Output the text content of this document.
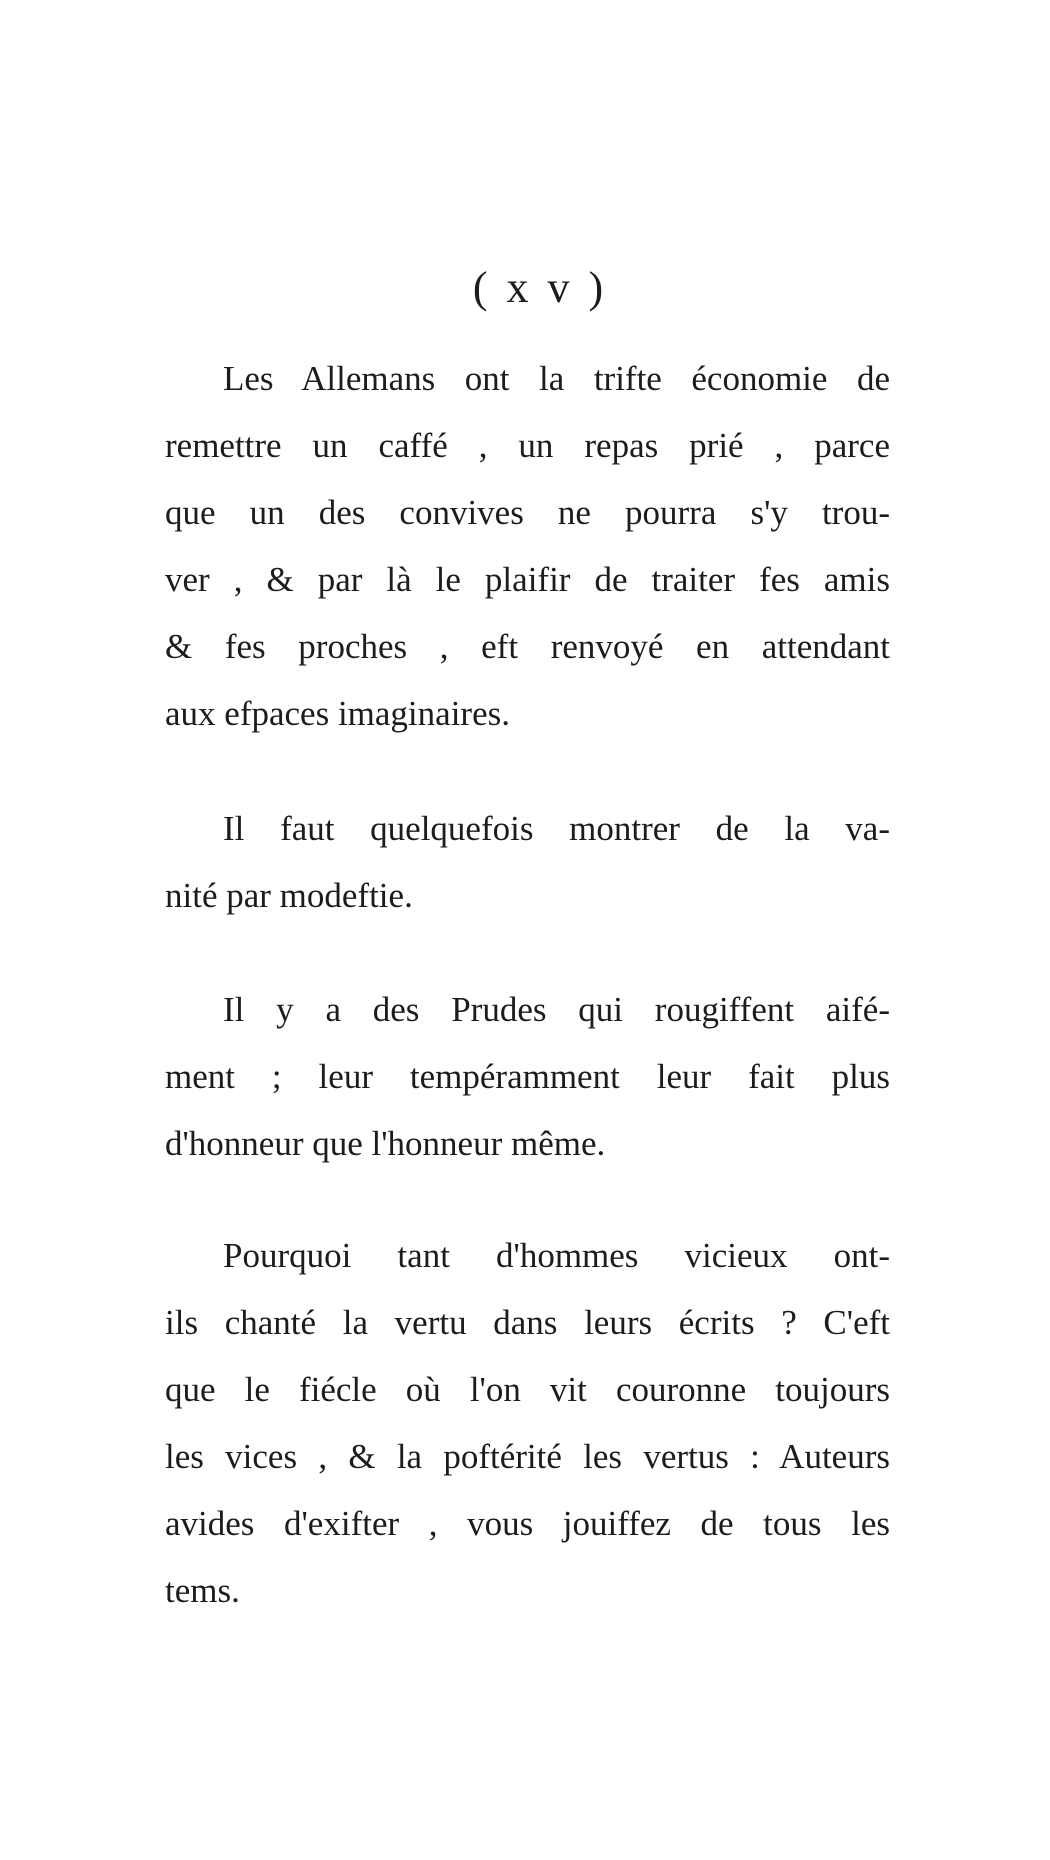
( x v )
Les Allemans ont la trifte économie de
remettre un caffé , un repas prié , parce
que un des convives ne pourra s'y trou-
ver , & par là le plaifir de traiter fes amis
& fes proches , eft renvoyé en attendant
aux efpaces imaginaires.
Il faut quelquefois montrer de la va-
nité par modeftie.
Il y a des Prudes qui rougiffent aifé-
ment ; leur tempéramment leur fait plus
d'honneur que l'honneur même.
Pourquoi tant d'hommes vicieux ont-
ils chanté la vertu dans leurs écrits ? C'eft
que le fiécle où l'on vit couronne toujours
les vices , & la poftérité les vertus : Auteurs
avides d'exifter , vous jouiffez de tous les
tems.
